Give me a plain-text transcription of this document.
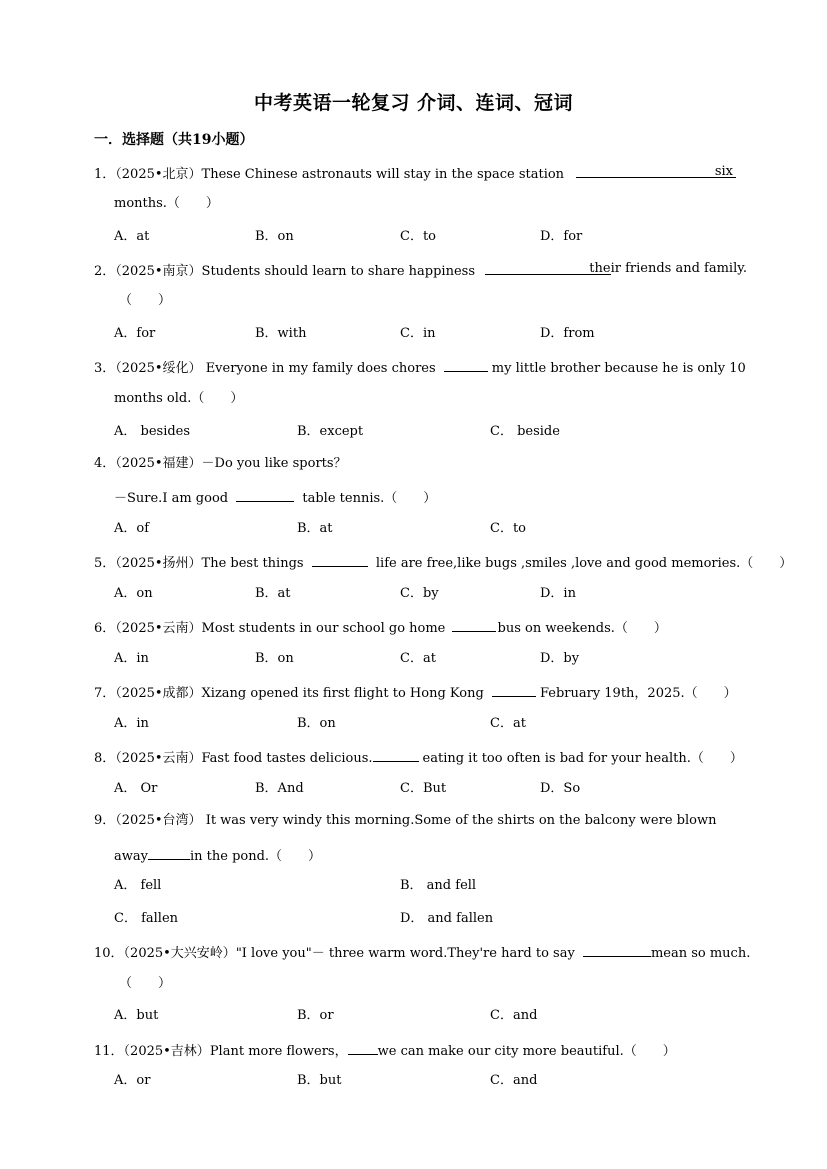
中考英语一轮复习 介词、连词、冠词
一．选择题（共19小题）
1．（2025•北京）These Chinese astronauts will stay in the space station	six
months.（　　）
A．at	B．on	C．to	D．for
2．（2025•南京）Students should learn to share happiness	their friends and family.
（　　）
A．for	B．with	C．in	D．from
3．（2025•绥化） Everyone in my family does chores	my little brother because he is only 10
months old.（　　）
A． besides	B．except	C． beside
4．（2025•福建）－Do you like sports？
－Sure.I am good	table tennis.（　　）
A．of	B．at	C．to
5．（2025•扬州）The best things	life are free,like bugs ,smiles ,love and good memories.（　　）
A．on	B．at	C．by	D．in
6．（2025•云南）Most students in our school go home	bus on weekends.（　　）
A．in	B．on	C．at	D．by
7．（2025•成都）Xizang opened its first flight to Hong Kong	February 19th，2025.（　　）
A．in	B．on	C．at
8．（2025•云南）Fast food tastes delicious.	eating it too often is bad for your health.（　　）
A． Or	B．And	C．But	D．So
9．（2025•台湾） It was very windy this morning.Some of the shirts on the balcony were blown
away	in the pond.（　　）
A． fell	B． and fell
C． fallen	D． and fallen
10．（2025•大兴安岭）"I love you"－ three warm word.They're hard to say	mean so much.
（　　）
A．but	B．or	C．and
11．（2025•吉林）Plant more flowers， we can make our city more beautiful.（　　）
A．or	B．but	C．and
